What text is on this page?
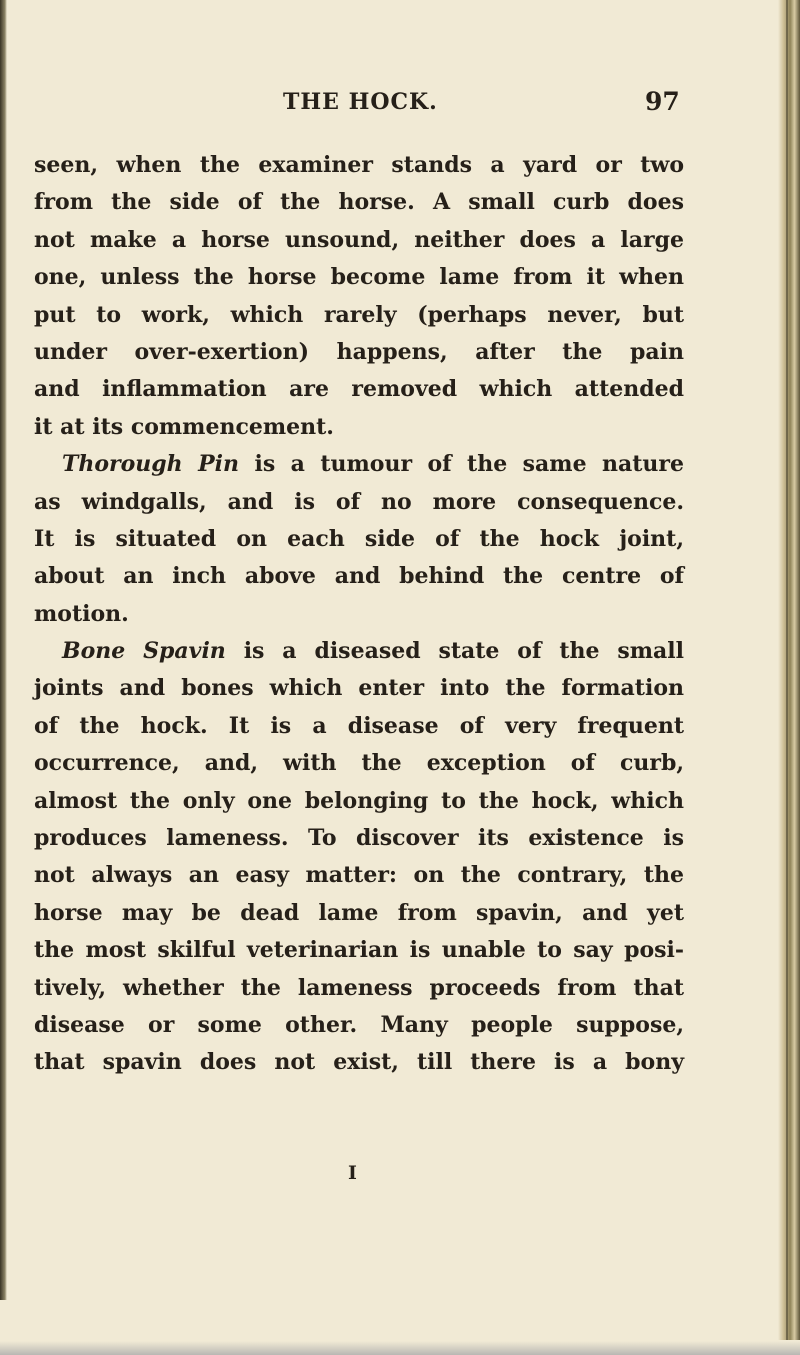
THE HOCK.	97
seen, when the examiner stands a yard or two
from the side of the horse. A small curb does
not make a horse unsound, neither does a large
one, unless the horse become lame from it when
put to work, which rarely (perhaps never, but
under over-exertion) happens, after the pain
and inflammation are removed which attended
it at its commencement.
Thorough Pin is a tumour of the same nature
as windgalls, and is of no more consequence.
It is situated on each side of the hock joint,
about an inch above and behind the centre of
motion.
Bone Spavin is a diseased state of the small
joints and bones which enter into the formation
of the hock. It is a disease of very frequent
occurrence, and, with the exception of curb,
almost the only one belonging to the hock, which
produces lameness. To discover its existence is
not always an easy matter: on the contrary, the
horse may be dead lame from spavin, and yet
the most skilful veterinarian is unable to say posi-
tively, whether the lameness proceeds from that
disease or some other. Many people suppose,
that spavin does not exist, till there is a bony
I
